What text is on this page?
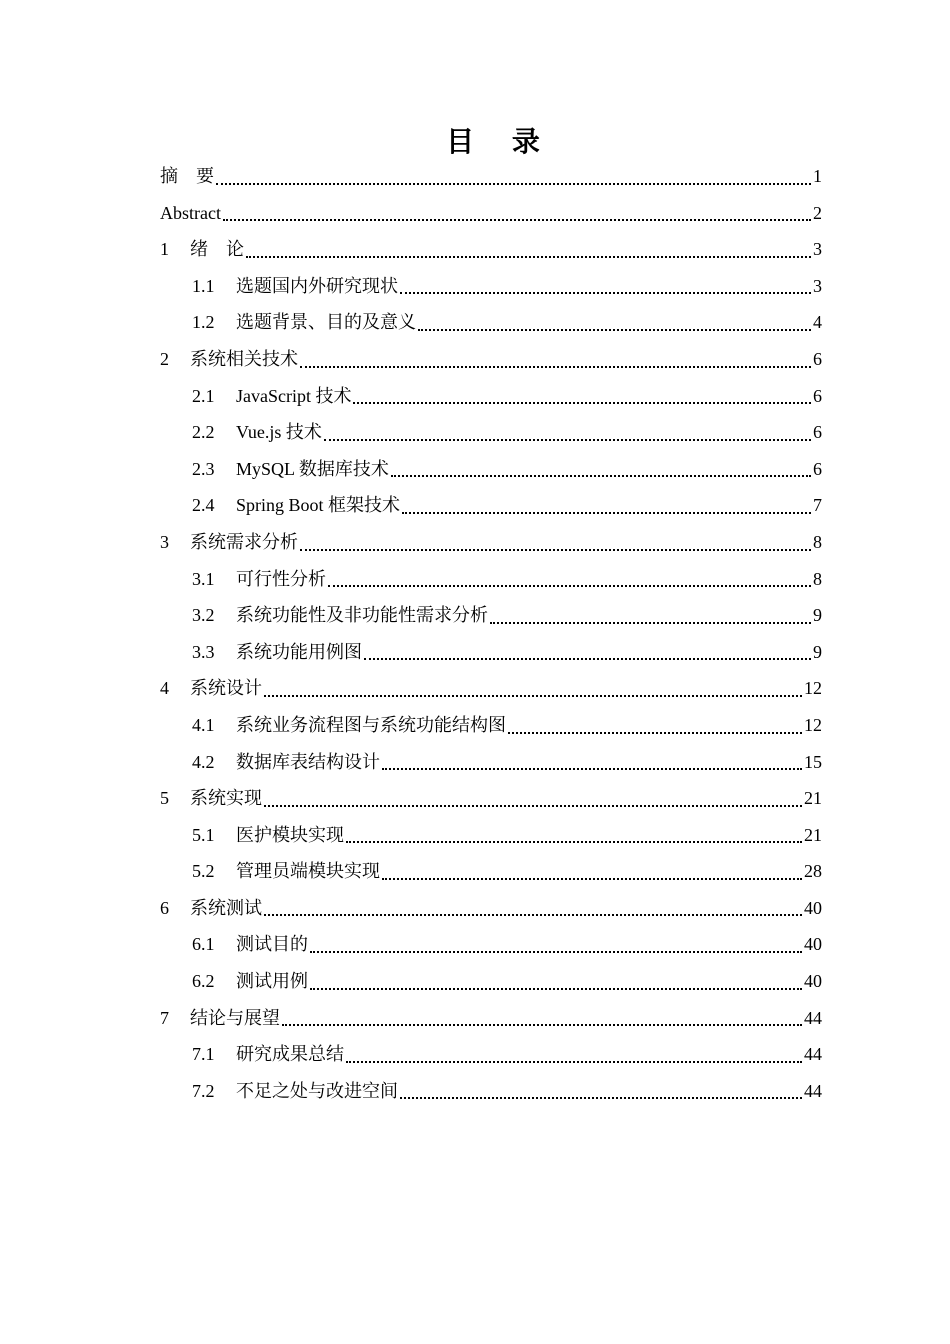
目 录
摘　要	1
Abstract	2
1	绪　论	3
1.1	选题国内外研究现状	3
1.2	选题背景、目的及意义	4
2	系统相关技术	6
2.1	JavaScript 技术	6
2.2	Vue.js 技术	6
2.3	MySQL 数据库技术	6
2.4	Spring Boot 框架技术	7
3	系统需求分析	8
3.1	可行性分析	8
3.2	系统功能性及非功能性需求分析	9
3.3	系统功能用例图	9
4	系统设计	12
4.1	系统业务流程图与系统功能结构图	12
4.2	数据库表结构设计	15
5	系统实现	21
5.1	医护模块实现	21
5.2	管理员端模块实现	28
6	系统测试	40
6.1	测试目的	40
6.2	测试用例	40
7	结论与展望	44
7.1	研究成果总结	44
7.2	不足之处与改进空间	44
